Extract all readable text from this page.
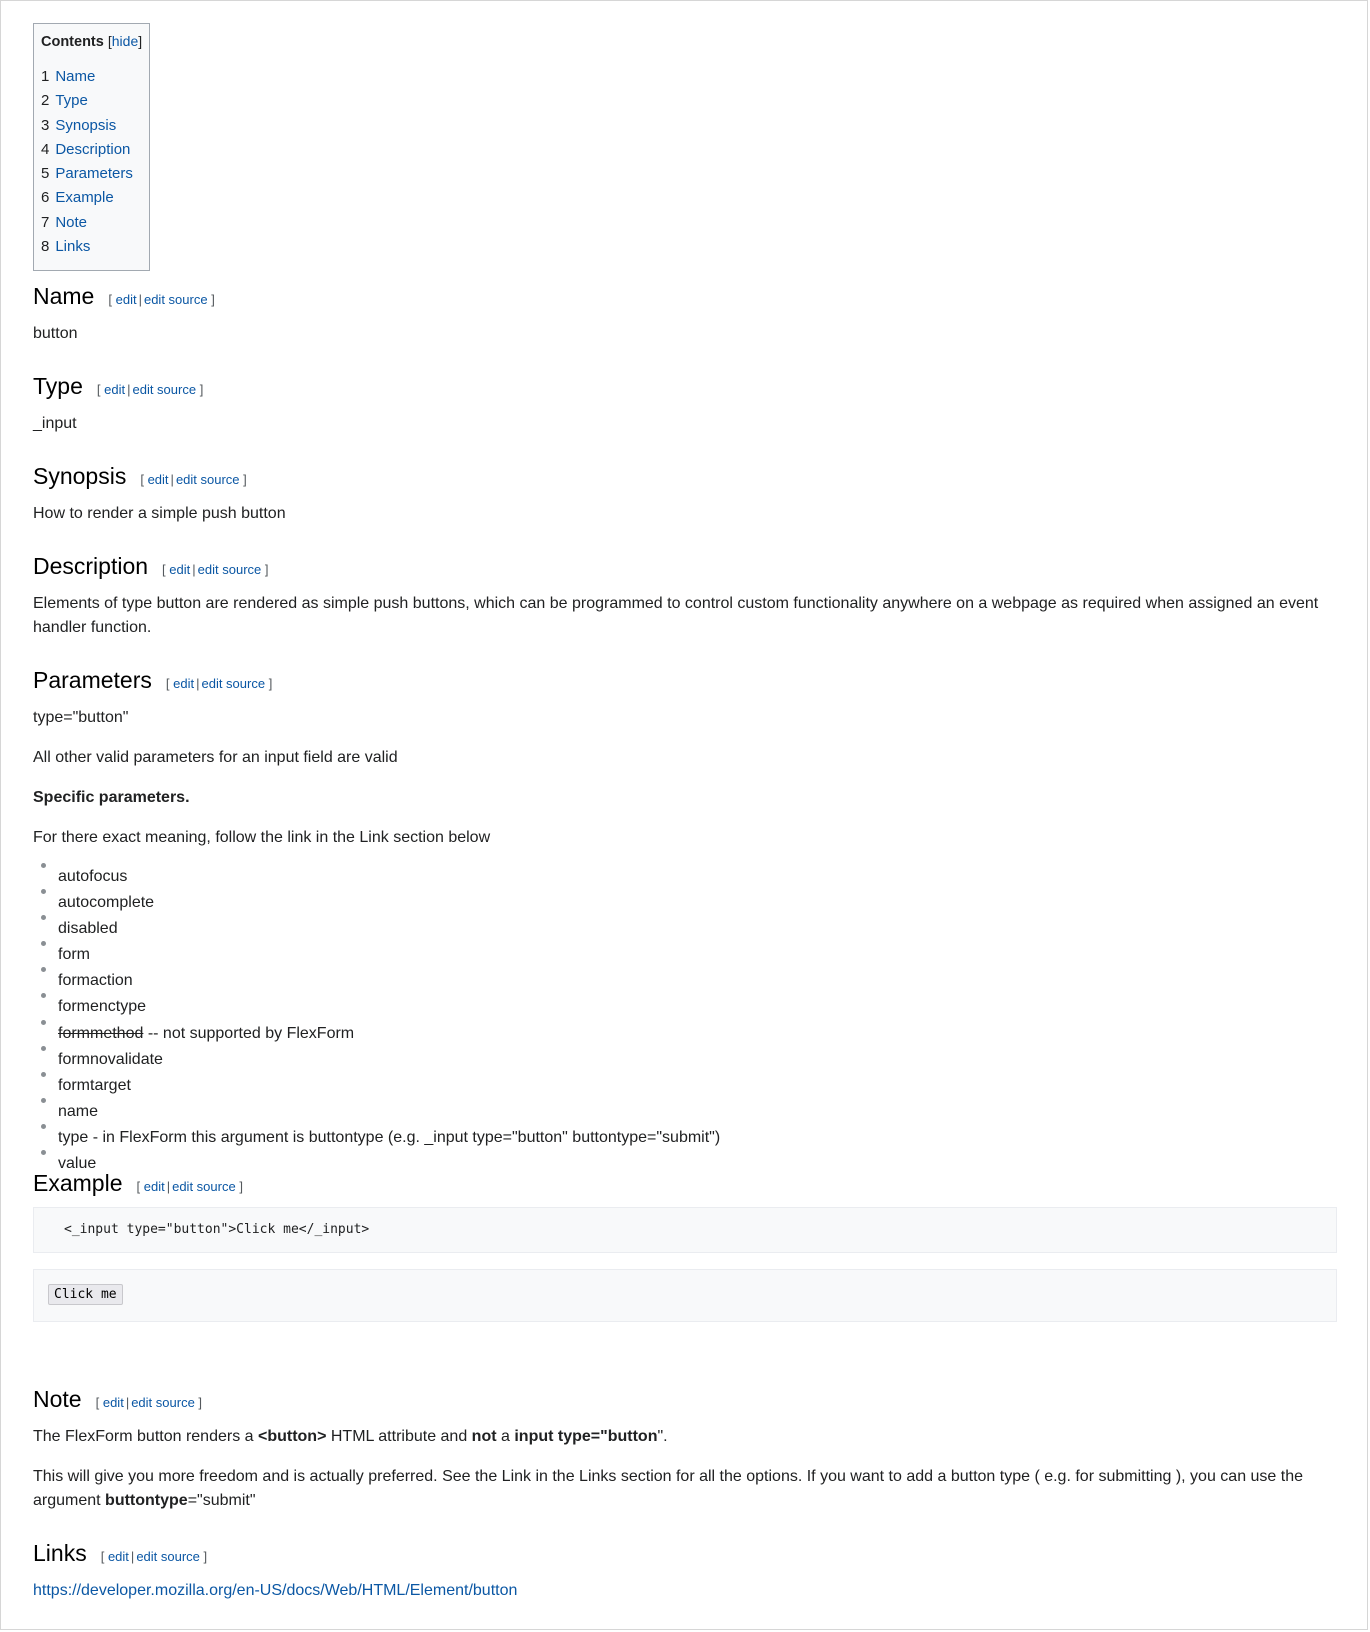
Contents [hide]
1 Name
2 Type
3 Synopsis
4 Description
5 Parameters
6 Example
7 Note
8 Links
Name [ edit | edit source ]

button

Type [ edit | edit source ]

_input

Synopsis [ edit | edit source ]

How to render a simple push button

Description [ edit | edit source ]

Elements of type button are rendered as simple push buttons, which can be programmed to control custom functionality anywhere on a webpage as required when assigned an event handler function.

Parameters [ edit | edit source ]

type="button"

All other valid parameters for an input field are valid

Specific parameters.

For there exact meaning, follow the link in the Link section below

autofocus
autocomplete
disabled
form
formaction
formenctype
formmethod -- not supported by FlexForm
formnovalidate
formtarget
name
type - in FlexForm this argument is buttontype (e.g. _input type="button" buttontype="submit")
value
Example [ edit | edit source ]
<_input type="button">Click me</_input>
Click me
Note [ edit | edit source ]

The FlexForm button renders a <button> HTML attribute and not a input type="button".

This will give you more freedom and is actually preferred. See the Link in the Links section for all the options. If you want to add a button type ( e.g. for submitting ), you can use the argument buttontype="submit"

Links [ edit | edit source ]

https://developer.mozilla.org/en-US/docs/Web/HTML/Element/button
